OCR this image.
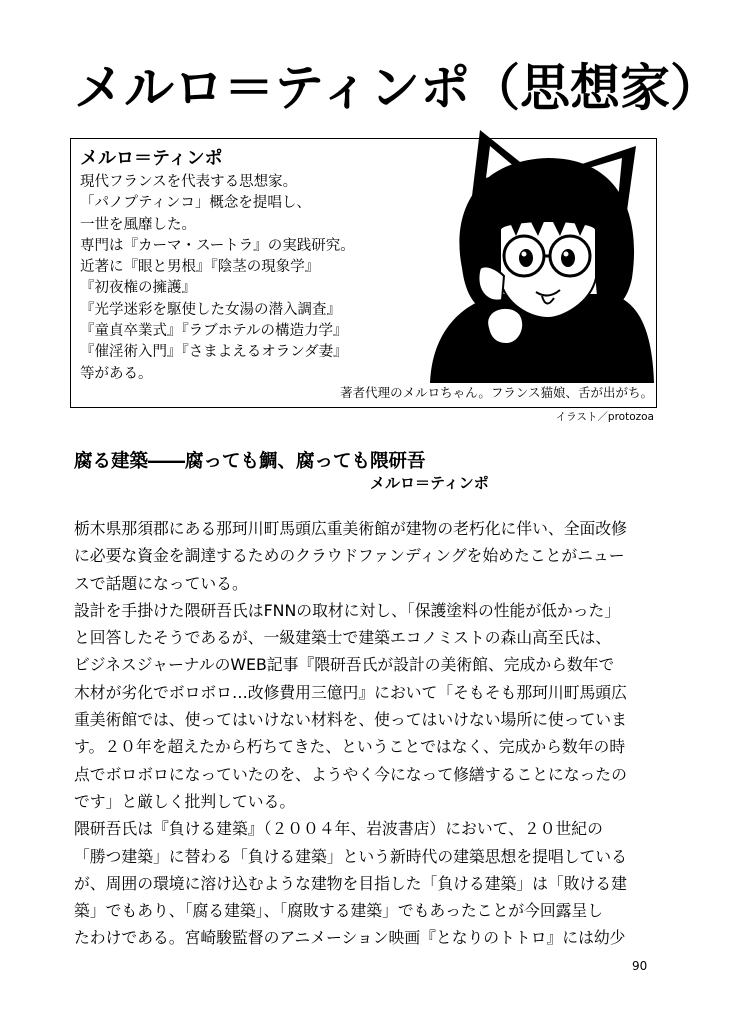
メルロ＝ティンポ（思想家）
メルロ＝ティンポ
現代フランスを代表する思想家。
「パノプティンコ」概念を提唱し、
一世を風靡した。
専門は『カーマ・スートラ』の実践研究。
近著に『眼と男根』『陰茎の現象学』
『初夜権の擁護』
『光学迷彩を駆使した女湯の潜入調査』
『童貞卒業式』『ラブホテルの構造力学』
『催淫術入門』『さまよえるオランダ妻』
等がある。
著者代理のメルロちゃん。フランス猫娘、舌が出がち。
イラスト／protozoa
腐る建築――腐っても鯛、腐っても隈研吾
メルロ＝ティンポ
栃木県那須郡にある那珂川町馬頭広重美術館が建物の老朽化に伴い、全面改修
に必要な資金を調達するためのクラウドファンディングを始めたことがニュー
スで話題になっている。
設計を手掛けた隈研吾氏はFNNの取材に対し、「保護塗料の性能が低かった」
と回答したそうであるが、一級建築士で建築エコノミストの森山高至氏は、
ビジネスジャーナルのWEB記事『隈研吾氏が設計の美術館、完成から数年で
木材が劣化でボロボロ…改修費用三億円』において「そもそも那珂川町馬頭広
重美術館では、使ってはいけない材料を、使ってはいけない場所に使っていま
す。２０年を超えたから朽ちてきた、ということではなく、完成から数年の時
点でボロボロになっていたのを、ようやく今になって修繕することになったの
です」と厳しく批判している。
隈研吾氏は『負ける建築』（２００４年、岩波書店）において、２０世紀の
「勝つ建築」に替わる「負ける建築」という新時代の建築思想を提唱している
が、周囲の環境に溶け込むような建物を目指した「負ける建築」は「敗ける建
築」でもあり、「腐る建築」、「腐敗する建築」でもあったことが今回露呈し
たわけである。宮崎駿監督のアニメーション映画『となりのトトロ』には幼少
90
